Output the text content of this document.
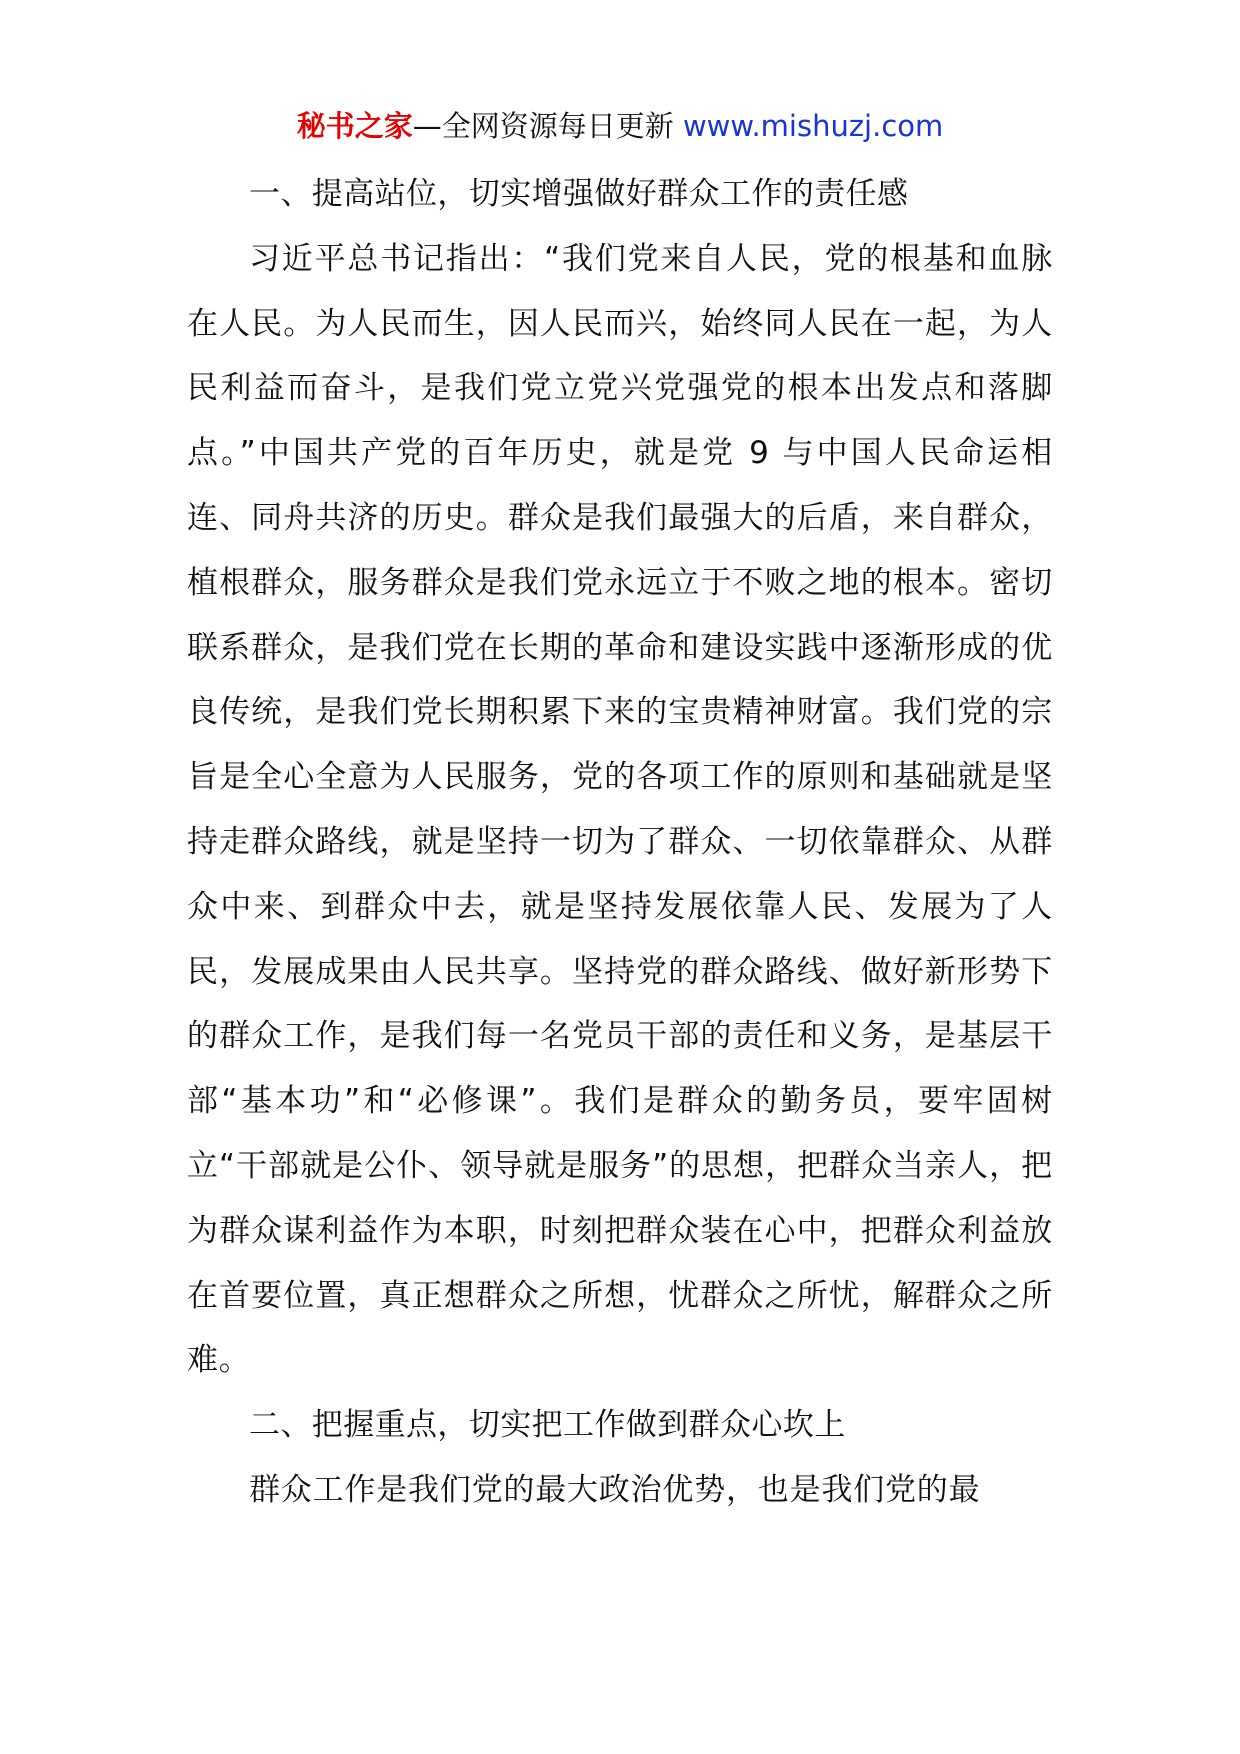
秘书之家—全网资源每日更新 www.mishuzj.com

一、提高站位，切实增强做好群众工作的责任感

习近平总书记指出：“我们党来自人民，党的根基和血脉在人民。为人民而生，因人民而兴，始终同人民在一起，为人民利益而奋斗，是我们党立党兴党强党的根本出发点和落脚点。”中国共产党的百年历史，就是党 9 与中国人民命运相连、同舟共济的历史。群众是我们最强大的后盾，来自群众，植根群众，服务群众是我们党永远立于不败之地的根本。密切联系群众，是我们党在长期的革命和建设实践中逐渐形成的优良传统，是我们党长期积累下来的宝贵精神财富。我们党的宗旨是全心全意为人民服务，党的各项工作的原则和基础就是坚持走群众路线，就是坚持一切为了群众、一切依靠群众、从群众中来、到群众中去，就是坚持发展依靠人民、发展为了人民，发展成果由人民共享。坚持党的群众路线、做好新形势下的群众工作，是我们每一名党员干部的责任和义务，是基层干部“基本功”和“必修课”。我们是群众的勤务员，要牢固树立“干部就是公仆、领导就是服务”的思想，把群众当亲人，把为群众谋利益作为本职，时刻把群众装在心中，把群众利益放在首要位置，真正想群众之所想，忧群众之所忧，解群众之所难。

二、把握重点，切实把工作做到群众心坎上

群众工作是我们党的最大政治优势，也是我们党的最
